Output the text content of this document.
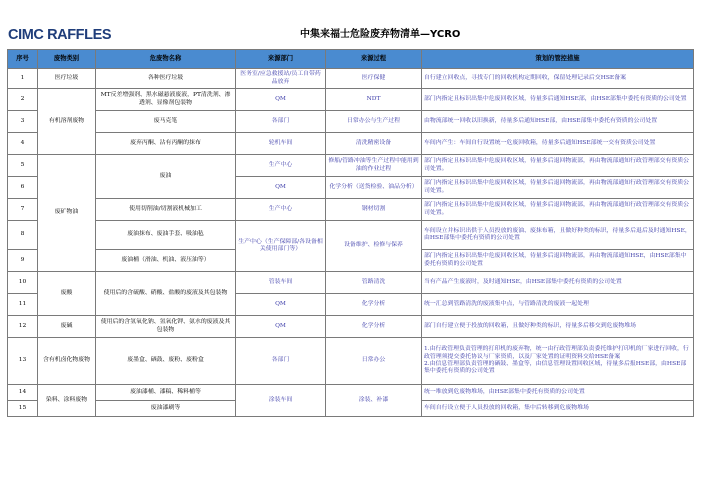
CIMC RAFFLES	中集来福士危险废弃物清单—YCRO
序号	废物类别	危废物名称	来源部门	来源过程	策划的管控措施
1	医疗垃圾	各种医疗垃圾	医务室/应急救援站/员工自带药品放弃	医疗保健	自行建立回收点，寻找专门的回收机构定期回收，保留处理记录后交HSE备案
2	有机溶剂废物	MT反差增强剂、黑水磁悬液废液，PT清洗剂、渗透剂、显像剂包装物	QM	NDT	部门内指定且标识出集中危废回收区域，待量多后通知HSE部，由HSE部集中委托有资质的公司处置
3		废马克笔	各部门	日常办公与生产过程	由物流部统一回收以旧换新，待量多后通知HSE部，由HSE部集中委托有资质的公司处置
4		废弃丙酮、沾有丙酮的抹布	轮机车间	清洗精密设备	车间内产生：车间自行设置统一危废回收箱，待量多后通知HSE部统一交有资质公司处置
5	废矿物油	废油	生产中心	修船/管路冲油等生产过程中能用到油的作业过程	部门内指定且标识出集中危废回收区域，待量多后退回物流部，再由物流部通知行政管理部交有资质公司处置。
6			QM	化学分析（送货检验、油品分析）	部门内指定且标识出集中危废回收区域，待量多后退回物流部，再由物流部通知行政管理部交有资质公司处置。
7		使用切削油/切割液机械加工	生产中心	钢材切割	部门内指定且标识出集中危废回收区域，待量多后退回物流部，再由物流部通知行政管理部交有资质公司处置。
8		废油抹布、废油手套、吸油毡	生产中心（生产保障部/各设备相关使用部门等）	设备维护、检修与保养	车间设立并标识出供于人员投放的废油、废抹布箱，且做好种类的标识，待量多后退后及时通知HSE，由HSE部集中委托有资质的公司处置
9		废油桶（滑油、机油、液压油等）			部门内指定且标识出集中危废回收区域，待量多后退回物流部，再由物流部通知HSE，由HSE部集中委托有资质的公司处置
10	废酸	使用后的含硫酸、硝酸、盐酸的废液及其包装物	管装车间	管路清洗	当有产品产生废液时，及时通知HSE，由HSE部集中委托有资质的公司处置
11			QM	化学分析	统一汇总到管路清洗的废液集中点，与管路清洗的废液一起处理
12	废碱	使用后的含氢氧化钠、氢氧化钾、氨水的废液及其包装物	QM	化学分析	部门自行建立便于投放的回收箱，且做好种类的标识，待量多后移交到危废物堆场
13	含有机卤化物废物	废墨盒、硒鼓、废粉、废粉盒	各部门	日常办公	1.由行政管理负责管理的打印机的废弃物，统一由行政管理部负责委托维护打印机的厂家进行回收，行政管理须提交委托协议与厂家资质，以及厂家处置的证明资料交给HSE备案
2.由信息管理部负责管理的硒鼓、墨盒等，由信息管理设置回收区域，待量多后报HSE部，由HSE部集中委托有资质的公司处置
14	染料、涂料废物	废油漆桶、漆稿、稀料桶等	涂装车间	涂装、补漆	统一堆放到危废物堆场，由HSE部集中委托有资质的公司处置
15		废油漆刷等			车间自行设立便于人员投放的回收箱，集中后转移到危废物堆场
